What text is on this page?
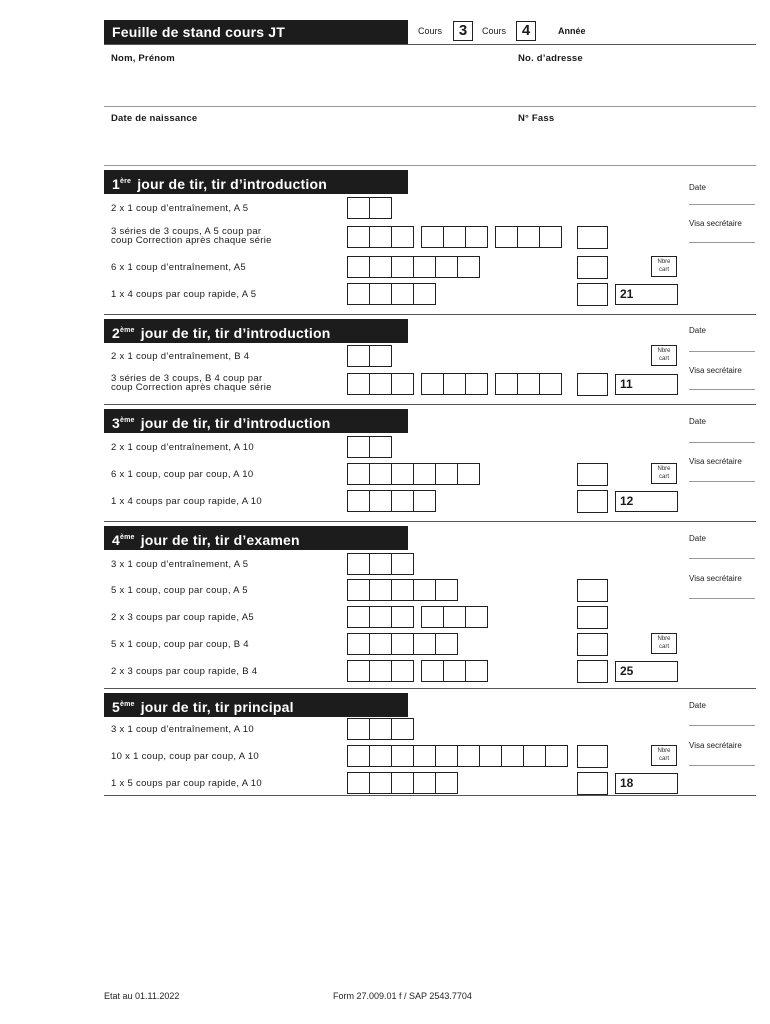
Feuille de stand cours JT	Cours	3	Cours	4	Année
Nom, Prénom	No. d’adresse
Date de naissance	N° Fass
1ère jour de tir, tir d’introduction	Date
Visa secrétaire
2 x 1 coup d’entraînement, A 5
3 séries de 3 coups, A 5 coup par
coup Correction après chaque série
6 x 1 coup d’entraînement, A5	Nbre cart
1 x 4 coups par coup rapide, A 5	21
2ème jour de tir, tir d’introduction	Date
Visa secrétaire
2 x 1 coup d’entraînement, B 4	Nbre cart
3 séries de 3 coups, B 4 coup par
coup Correction après chaque série	11
3ème jour de tir, tir d’introduction	Date
Visa secrétaire
2 x 1 coup d’entraînement, A 10
6 x 1 coup, coup par coup, A 10	Nbre cart
1 x 4 coups par coup rapide, A 10	12
4ème jour de tir, tir d’examen	Date
Visa secrétaire
3 x 1 coup d’entraînement, A 5
5 x 1 coup, coup par coup, A 5
2 x 3 coups par coup rapide, A5
5 x 1 coup, coup par coup, B 4	Nbre cart
2 x 3 coups par coup rapide, B 4	25
5ème jour de tir, tir principal	Date
Visa secrétaire
3 x 1 coup d’entraînement, A 10
10 x 1 coup, coup par coup, A 10	Nbre cart
1 x 5 coups par coup rapide, A 10	18
Etat au 01.11.2022	Form 27.009.01 f / SAP 2543.7704
